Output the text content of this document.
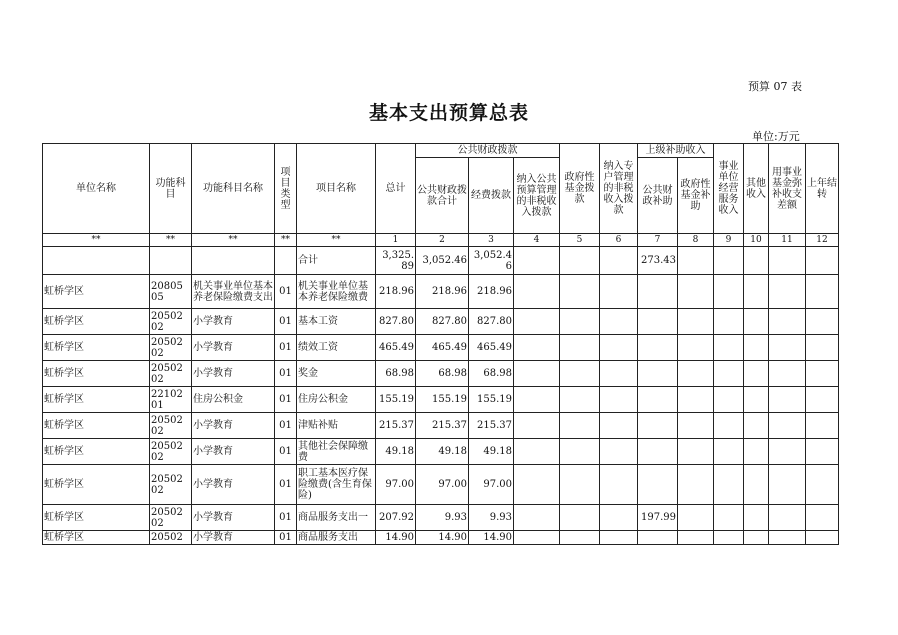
预算 07 表
基本支出预算总表
单位:万元
单位名称	功能科目	功能科目名称	项目类型	项目名称	总计	公共财政拨款			政府性基金拨款	纳入专户管理的非税收入拨款	上级补助收入		事业单位经营服务收入	其他收入	用事业基金弥补收支差额	上年结转
						公共财政拨款合计	经费拨款	纳入公共预算管理的非税收入拨款			公共财政补助	政府性基金补助				
**	**	**	**	**	1	2	3	4	5	6	7	8	9	10	11	12
				合计	3,325.89	3,052.46	3,052.46				273.43					
虹桥学区	20805 05	机关事业单位基本养老保险缴费支出	01	机关事业单位基本养老保险缴费	218.96	218.96	218.96									
虹桥学区	20502 02	小学教育	01	基本工资	827.80	827.80	827.80									
虹桥学区	20502 02	小学教育	01	绩效工资	465.49	465.49	465.49									
虹桥学区	20502 02	小学教育	01	奖金	68.98	68.98	68.98									
虹桥学区	22102 01	住房公积金	01	住房公积金	155.19	155.19	155.19									
虹桥学区	20502 02	小学教育	01	津贴补贴	215.37	215.37	215.37									
虹桥学区	20502 02	小学教育	01	其他社会保障缴费	49.18	49.18	49.18									
虹桥学区	20502 02	小学教育	01	职工基本医疗保险缴费(含生育保险)	97.00	97.00	97.00									
虹桥学区	20502 02	小学教育	01	商品服务支出一	207.92	9.93	9.93				197.99					
虹桥学区	20502	小学教育	01	商品服务支出	14.90	14.90	14.90									
